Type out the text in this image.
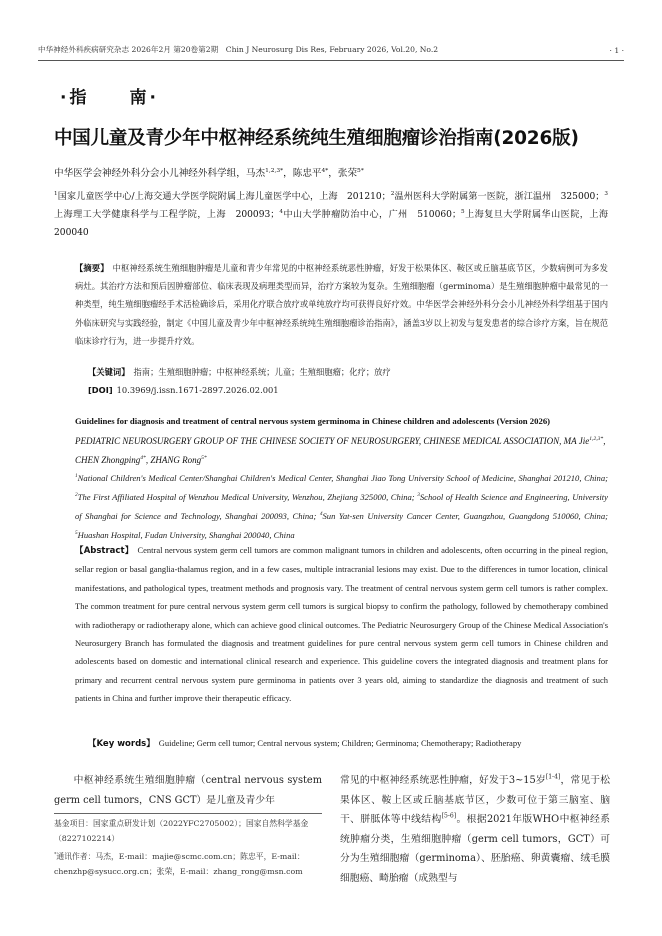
中华神经外科疾病研究杂志 2026年2月 第20卷第2期　Chin J Neurosurg Dis Res, February 2026, Vol.20, No.2	· 1 ·
·指　　南·
中国儿童及青少年中枢神经系统纯生殖细胞瘤诊治指南(2026版)
中华医学会神经外科分会小儿神经外科学组，马杰$^{1,2,3*}$，陈忠平$^{4*}$，张荣$^{5*}$
$^1$国家儿童医学中心/上海交通大学医学院附属上海儿童医学中心，上海　201210；$^2$温州医科大学附属第一医院，浙江温州　325000；$^3$上海理工大学健康科学与工程学院，上海　200093；$^4$中山大学肿瘤防治中心，广州　510060；$^5$上海复旦大学附属华山医院，上海　200040
【摘要】 中枢神经系统生殖细胞肿瘤是儿童和青少年常见的中枢神经系统恶性肿瘤，好发于松果体区、鞍区或丘脑基底节区，少数病例可为多发病灶。其治疗方法和预后因肿瘤部位、临床表现及病理类型而异，治疗方案较为复杂。生殖细胞瘤（germinoma）是生殖细胞肿瘤中最常见的一种类型，纯生殖细胞瘤经手术活检确诊后，采用化疗联合放疗或单纯放疗均可获得良好疗效。中华医学会神经外科分会小儿神经外科学组基于国内外临床研究与实践经验，制定《中国儿童及青少年中枢神经系统纯生殖细胞瘤诊治指南》，涵盖3岁以上初发与复发患者的综合诊疗方案，旨在规范临床诊疗行为，进一步提升疗效。
【关键词】 指南；生殖细胞肿瘤；中枢神经系统；儿童；生殖细胞瘤；化疗；放疗
[DOI] 10.3969/j.issn.1671-2897.2026.02.001
Guidelines for diagnosis and treatment of central nervous system germinoma in Chinese children and adolescents (Version 2026)
PEDIATRIC NEUROSURGERY GROUP OF THE CHINESE SOCIETY OF NEUROSURGERY, CHINESE MEDICAL ASSOCIATION, MA Jie$^{1,2,3*}$, CHEN Zhongping$^{4*}$, ZHANG Rong$^{5*}$
$^1$National Children's Medical Center/Shanghai Children's Medical Center, Shanghai Jiao Tong University School of Medicine, Shanghai 201210, China; $^2$The First Affiliated Hospital of Wenzhou Medical University, Wenzhou, Zhejiang 325000, China; $^3$School of Health Science and Engineering, University of Shanghai for Science and Technology, Shanghai 200093, China; $^4$Sun Yat-sen University Cancer Center, Guangzhou, Guangdong 510060, China; $^5$Huashan Hospital, Fudan University, Shanghai 200040, China
【Abstract】 Central nervous system germ cell tumors are common malignant tumors in children and adolescents, often occurring in the pineal region, sellar region or basal ganglia-thalamus region, and in a few cases, multiple intracranial lesions may exist. Due to the differences in tumor location, clinical manifestations, and pathological types, treatment methods and prognosis vary. The treatment of central nervous system germ cell tumors is rather complex. The common treatment for pure central nervous system germ cell tumors is surgical biopsy to confirm the pathology, followed by chemotherapy combined with radiotherapy or radiotherapy alone, which can achieve good clinical outcomes. The Pediatric Neurosurgery Group of the Chinese Medical Association's Neurosurgery Branch has formulated the diagnosis and treatment guidelines for pure central nervous system germ cell tumors in Chinese children and adolescents based on domestic and international clinical research and experience. This guideline covers the integrated diagnosis and treatment plans for primary and recurrent central nervous system pure germinoma in patients over 3 years old, aiming to standardize the diagnosis and treatment of such patients in China and further improve their therapeutic efficacy.
【Key words】 Guideline; Germ cell tumor; Central nervous system; Children; Germinoma; Chemotherapy; Radiotherapy
中枢神经系统生殖细胞肿瘤（central nervous system germ cell tumors，CNS GCT）是儿童及青少年

基金项目：国家重点研发计划（2022YFC2705002）；国家自然科学基金（8227102214）

*通讯作者：马杰，E-mail：majie@scmc.com.cn；陈忠平，E-mail：chenzhp@sysucc.org.cn；张荣，E-mail：zhang_rong@msn.com

常见的中枢神经系统恶性肿瘤，好发于3~15岁[1-4]，常见于松果体区、鞍上区或丘脑基底节区，少数可位于第三脑室、脑干、胼胝体等中线结构[5-6]。根据2021年版WHO中枢神经系统肿瘤分类，生殖细胞肿瘤（germ cell tumors，GCT）可分为生殖细胞瘤（germinoma）、胚胎癌、卵黄囊瘤、绒毛膜细胞癌、畸胎瘤（成熟型与
